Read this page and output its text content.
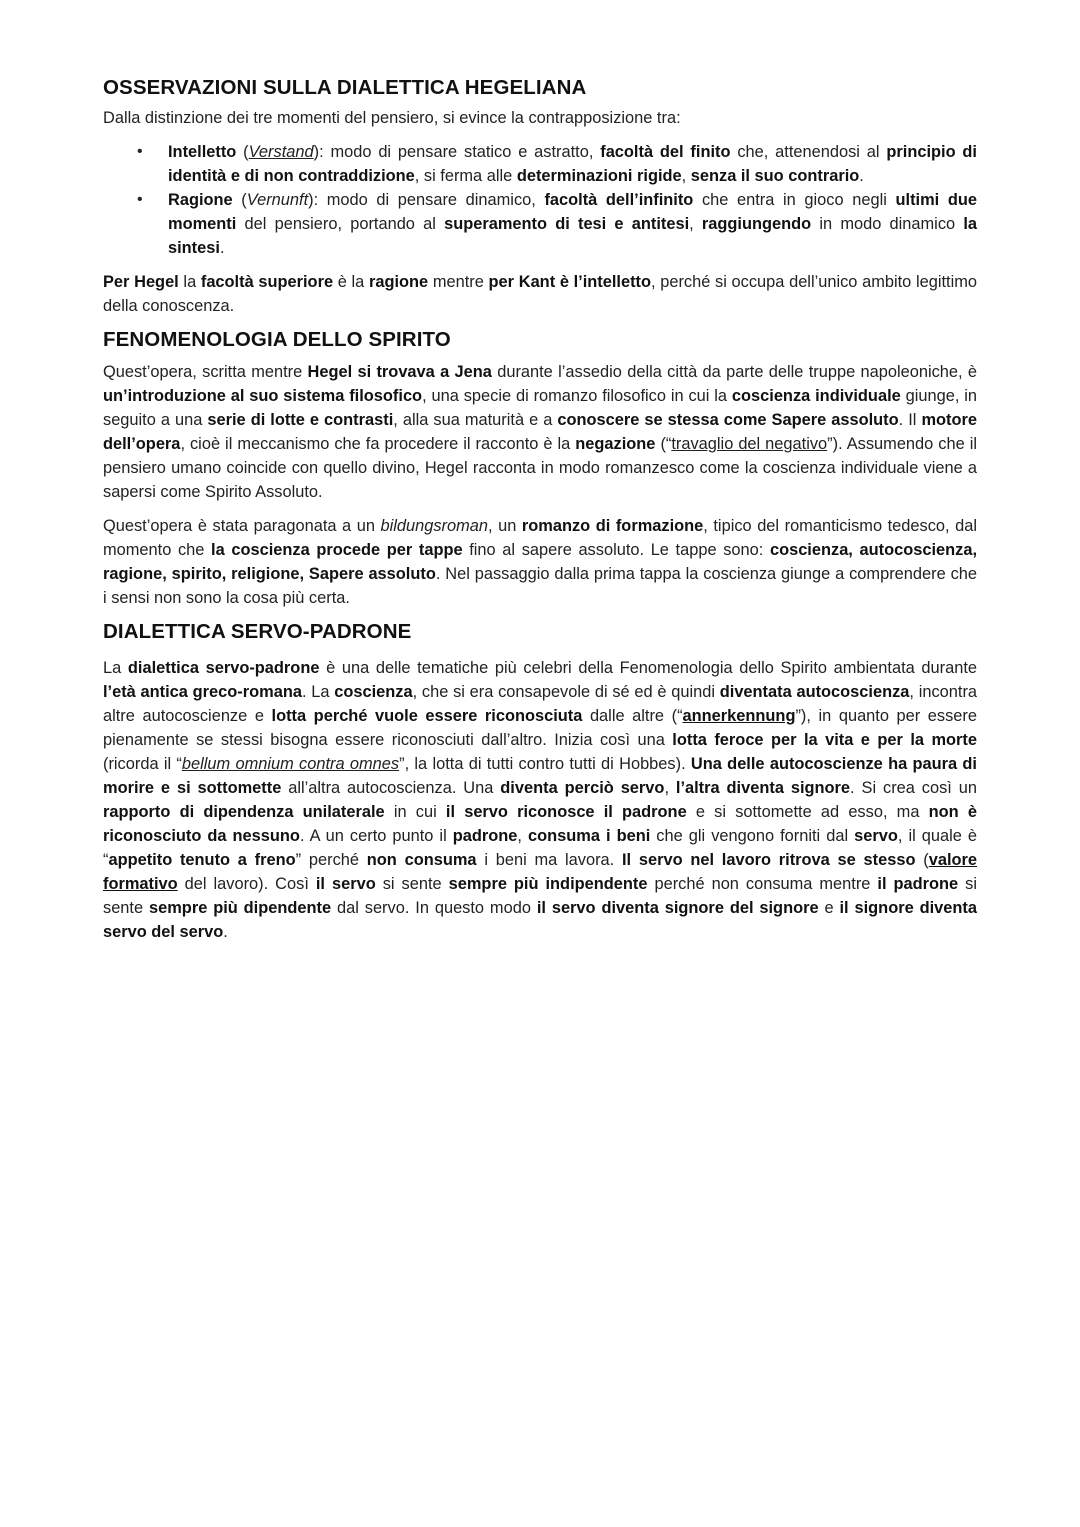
OSSERVAZIONI SULLA DIALETTICA HEGELIANA

Dalla distinzione dei tre momenti del pensiero, si evince la contrapposizione tra:

• Intelletto (Verstand): modo di pensare statico e astratto, facoltà del finito che, attenendosi al principio di identità e di non contraddizione, si ferma alle determinazioni rigide, senza il suo contrario.
• Ragione (Vernunft): modo di pensare dinamico, facoltà dell’infinito che entra in gioco negli ultimi due momenti del pensiero, portando al superamento di tesi e antitesi, raggiungendo in modo dinamico la sintesi.

Per Hegel la facoltà superiore è la ragione mentre per Kant è l’intelletto, perché si occupa dell’unico ambito legittimo della conoscenza.

FENOMENOLOGIA DELLO SPIRITO

Quest’opera, scritta mentre Hegel si trovava a Jena durante l’assedio della città da parte delle truppe napoleoniche, è un’introduzione al suo sistema filosofico, una specie di romanzo filosofico in cui la coscienza individuale giunge, in seguito a una serie di lotte e contrasti, alla sua maturità e a conoscere se stessa come Sapere assoluto. Il motore dell’opera, cioè il meccanismo che fa procedere il racconto è la negazione (“travaglio del negativo”). Assumendo che il pensiero umano coincide con quello divino, Hegel racconta in modo romanzesco come la coscienza individuale viene a sapersi come Spirito Assoluto.

Quest’opera è stata paragonata a un bildungsroman, un romanzo di formazione, tipico del romanticismo tedesco, dal momento che la coscienza procede per tappe fino al sapere assoluto. Le tappe sono: coscienza, autocoscienza, ragione, spirito, religione, Sapere assoluto. Nel passaggio dalla prima tappa la coscienza giunge a comprendere che i sensi non sono la cosa più certa.

DIALETTICA SERVO-PADRONE

La dialettica servo-padrone è una delle tematiche più celebri della Fenomenologia dello Spirito ambientata durante l’età antica greco-romana. La coscienza, che si era consapevole di sé ed è quindi diventata autocoscienza, incontra altre autocoscienze e lotta perché vuole essere riconosciuta dalle altre (“annerkennung”), in quanto per essere pienamente se stessi bisogna essere riconosciuti dall’altro. Inizia così una lotta feroce per la vita e per la morte (ricorda il “bellum omnium contra omnes”, la lotta di tutti contro tutti di Hobbes). Una delle autocoscienze ha paura di morire e si sottomette all’altra autocoscienza. Una diventa perciò servo, l’altra diventa signore. Si crea così un rapporto di dipendenza unilaterale in cui il servo riconosce il padrone e si sottomette ad esso, ma non è riconosciuto da nessuno. A un certo punto il padrone, consuma i beni che gli vengono forniti dal servo, il quale è “appetito tenuto a freno” perché non consuma i beni ma lavora. Il servo nel lavoro ritrova se stesso (valore formativo del lavoro). Così il servo si sente sempre più indipendente perché non consuma mentre il padrone si sente sempre più dipendente dal servo. In questo modo il servo diventa signore del signore e il signore diventa servo del servo.
